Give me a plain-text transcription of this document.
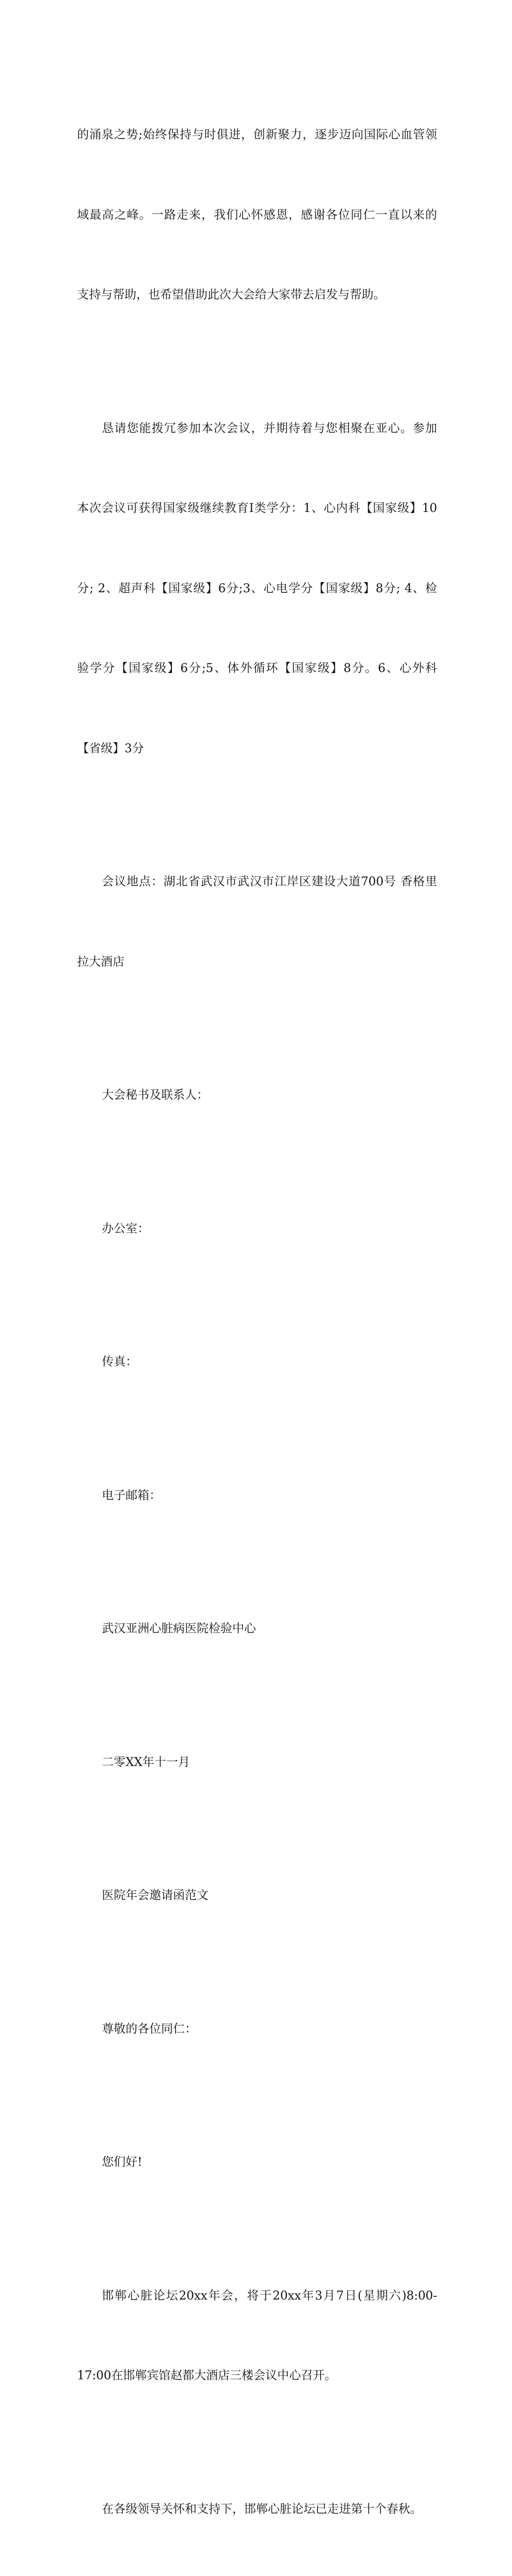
的涌泉之势;始终保持与时俱进，创新聚力，逐步迈向国际心血管领

域最高之峰。一路走来，我们心怀感恩，感谢各位同仁一直以来的

支持与帮助，也希望借助此次大会给大家带去启发与帮助。

恳请您能拨冗参加本次会议，并期待着与您相聚在亚心。参加

本次会议可获得国家级继续教育Ⅰ类学分：1、心内科【国家级】10

分; 2、超声科【国家级】6分;3、心电学分【国家级】8分; 4、检

验学分【国家级】6分;5、体外循环【国家级】8分。6、心外科

【省级】3分

会议地点：湖北省武汉市武汉市江岸区建设大道700号 香格里

拉大酒店

大会秘书及联系人：

办公室：

传真：

电子邮箱：

武汉亚洲心脏病医院检验中心

二零XX年十一月

医院年会邀请函范文

尊敬的各位同仁：

您们好!

邯郸心脏论坛20xx年会，将于20xx年3月7日(星期六)8:00-

17:00在邯郸宾馆赵都大酒店三楼会议中心召开。

在各级领导关怀和支持下，邯郸心脏论坛已走进第十个春秋。
